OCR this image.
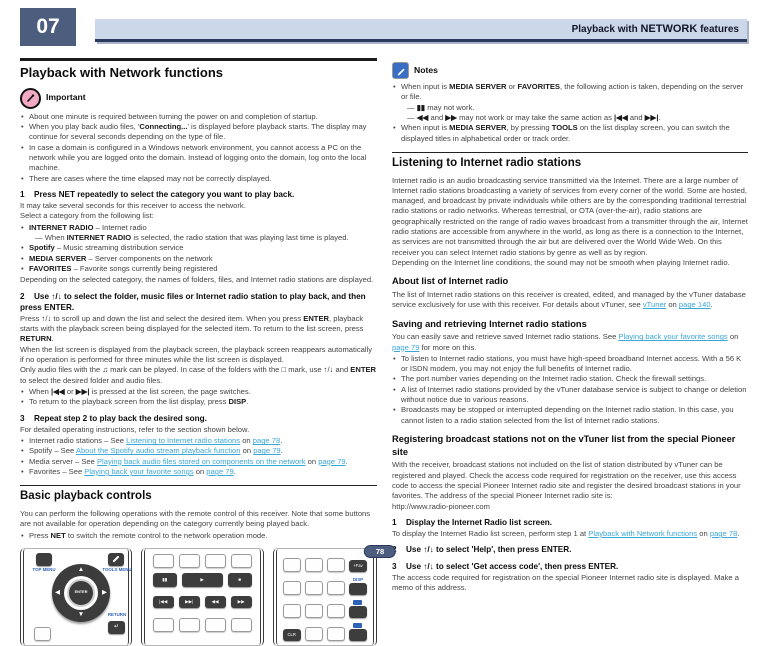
07	Playback with NETWORK features
Playback with Network functions
Important
• About one minute is required between turning the power on and completion of startup.
• When you play back audio files, 'Connecting...' is displayed before playback starts. The display may continue for several seconds depending on the type of file.
• In case a domain is configured in a Windows network environment, you cannot access a PC on the network while you are logged onto the domain. Instead of logging onto the domain, log onto the local machine.
• There are cases where the time elapsed may not be correctly displayed.
1 Press NET repeatedly to select the category you want to play back.

It may take several seconds for this receiver to access the network.

Select a category from the following list:

• INTERNET RADIO – Internet radio
— When INTERNET RADIO is selected, the radio station that was playing last time is played.
• Spotify – Music streaming distribution service
• MEDIA SERVER – Server components on the network
• FAVORITES – Favorite songs currently being registered

Depending on the selected category, the names of folders, files, and Internet radio stations are displayed.

2 Use ↑/↓ to select the folder, music files or Internet radio station to play back, and then press ENTER.

Press ↑/↓ to scroll up and down the list and select the desired item. When you press ENTER, playback starts with the playback screen being displayed for the selected item. To return to the list screen, press RETURN.

When the list screen is displayed from the playback screen, the playback screen reappears automatically if no operation is performed for three minutes while the list screen is displayed.

Only audio files with the ♫ mark can be played. In case of the folders with the □ mark, use ↑/↓ and ENTER to select the desired folder and audio files.

• When |◀◀ or ▶▶| is pressed at the list screen, the page switches.
• To return to the playback screen from the list display, press DISP.
3 Repeat step 2 to play back the desired song.

For detailed operating instructions, refer to the section shown below.

• Internet radio stations – See Listening to Internet radio stations on page 78.
• Spotify – See About the Spotify audio stream playback function on page 79.
• Media server – See Playing back audio files stored on components on the network on page 79.
• Favorites – See Playing back your favorite songs on page 79.
Basic playback controls

You can perform the following operations with the remote control of this receiver. Note that some buttons are not available for operation depending on the category currently being played back.

• Press NET to switch the remote control to the network operation mode.
TOP MENU	TOOLS MENU
▲
▼
◀	▶
ENTER
RETURN
↵
▮▮	▶	■
|◀◀	▶▶|	◀◀	▶▶
+Fav
DISP
CLR
Notes
• When input is MEDIA SERVER or FAVORITES, the following action is taken, depending on the server or file.
— ▮▮ may not work.
— ◀◀ and ▶▶ may not work or may take the same action as |◀◀ and ▶▶|.
• When input is MEDIA SERVER, by pressing TOOLS on the list display screen, you can switch the displayed titles in alphabetical order or track order.
Listening to Internet radio stations

Internet radio is an audio broadcasting service transmitted via the Internet. There are a large number of Internet radio stations broadcasting a variety of services from every corner of the world. Some are hosted, managed, and broadcast by private individuals while others are by the corresponding traditional terrestrial radio stations or radio networks. Whereas terrestrial, or OTA (over-the-air), radio stations are geographically restricted on the range of radio waves broadcast from a transmitter through the air, Internet radio stations are accessible from anywhere in the world, as long as there is a connection to the Internet, as services are not transmitted through the air but are delivered over the World Wide Web. On this receiver you can select Internet radio stations by genre as well as by region.

Depending on the Internet line conditions, the sound may not be smooth when playing Internet radio.

About list of Internet radio

The list of Internet radio stations on this receiver is created, edited, and managed by the vTuner database service exclusively for use with this receiver. For details about vTuner, see vTuner on page 140.

Saving and retrieving Internet radio stations

You can easily save and retrieve saved Internet radio stations. See Playing back your favorite songs on page 79 for more on this.

• To listen to Internet radio stations, you must have high-speed broadband Internet access. With a 56 K or ISDN modem, you may not enjoy the full benefits of Internet radio.
• The port number varies depending on the Internet radio station. Check the firewall settings.
• A list of Internet radio stations provided by the vTuner database service is subject to change or deletion without notice due to various reasons.
• Broadcasts may be stopped or interrupted depending on the Internet radio station. In this case, you cannot listen to a radio station selected from the list of Internet radio stations.
Registering broadcast stations not on the vTuner list from the special Pioneer site

With the receiver, broadcast stations not included on the list of station distributed by vTuner can be registered and played. Check the access code required for registration on the receiver, use this access code to access the special Pioneer Internet radio site and register the desired broadcast stations in your favorites. The address of the special Pioneer Internet radio site is:

http://www.radio-pioneer.com

1 Display the Internet Radio list screen.

To display the Internet Radio list screen, perform step 1 at Playback with Network functions on page 78.

Use ↑/↓ to select 'Help', then press ENTER.
3 Use ↑/↓ to select 'Get access code', then press ENTER.

The access code required for registration on the special Pioneer Internet radio site is displayed. Make a memo of this address.

78
